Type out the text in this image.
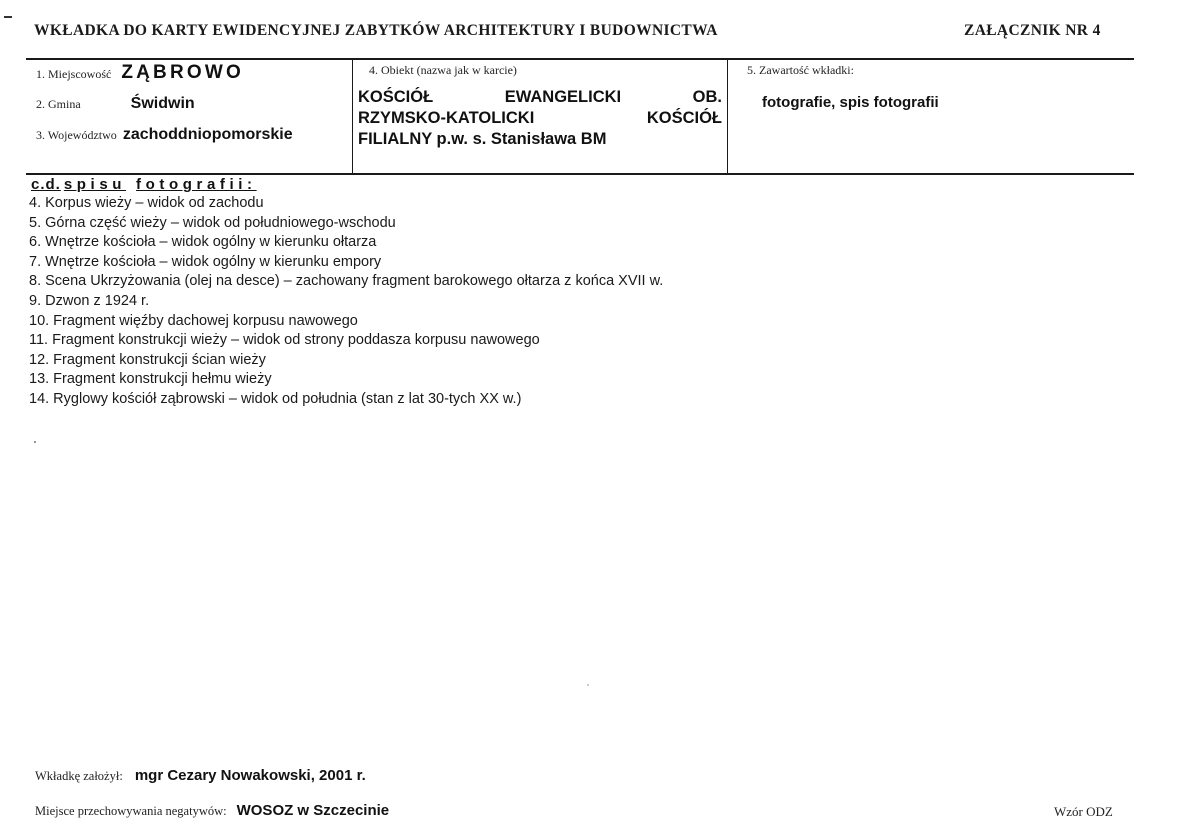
WKŁADKA DO KARTY EWIDENCYJNEJ ZABYTKÓW ARCHITEKTURY I BUDOWNICTWA	ZAŁĄCZNIK NR 4
1. Miejscowość ZĄBROWO
2. Gmina	Świdwin
3. Województwo zachoddniopomorskie
4. Obiekt (nazwa jak w karcie)
KOŚCIÓŁ	EWANGELICKI	OB.
RZYMSKO-KATOLICKI	KOŚCIÓŁ
FILIALNY p.w. s. Stanisława BM
5. Zawartość wkładki:
fotografie, spis fotografii
c.d. spisu fotografii:
4. Korpus wieży – widok od zachodu
5. Górna część wieży – widok od południowego-wschodu
6. Wnętrze kościoła – widok ogólny w kierunku ołtarza
7. Wnętrze kościoła – widok ogólny w kierunku empory
8. Scena Ukrzyżowania (olej na desce) – zachowany fragment barokowego ołtarza z końca XVII w.
9. Dzwon z 1924 r.
10. Fragment więźby dachowej korpusu nawowego
11. Fragment konstrukcji wieży – widok od strony poddasza korpusu nawowego
12. Fragment konstrukcji ścian wieży
13. Fragment konstrukcji hełmu wieży
14. Ryglowy kościół ząbrowski – widok od południa (stan z lat 30-tych XX w.)
Wkładkę założył: mgr Cezary Nowakowski, 2001 r.
Miejsce przechowywania negatywów: WOSOZ w Szczecinie	Wzór ODZ
